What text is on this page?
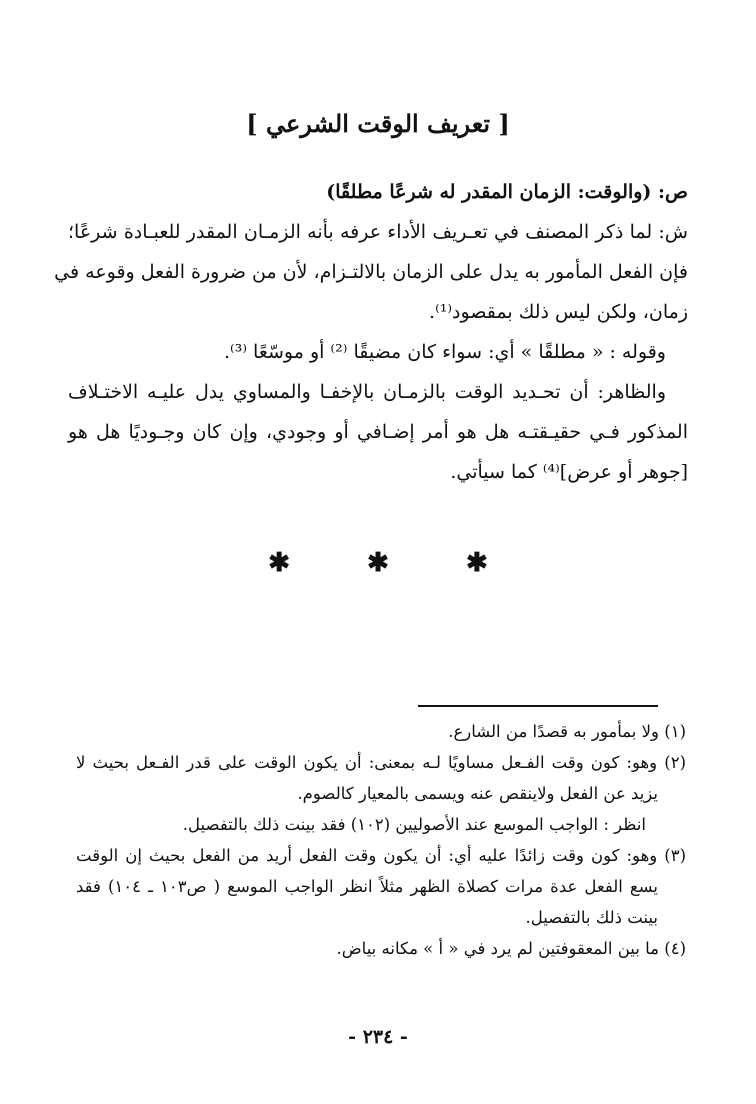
[ تعريف الوقت الشرعي ]
ص: (والوقت: الزمان المقدر له شرعًا مطلقًا)
ش: لما ذكر المصنف في تعـريف الأداء عرفه بأنه الزمـان المقدر للعبـادة شرعًا؛
فإن الفعل المأمور به يدل على الزمان بالالتـزام، لأن من ضرورة الفعل وقوعه في
زمان، ولكن ليس ذلك بمقصود⁽¹⁾.
وقوله : « مطلقًا » أي: سواء كان مضيقًا ⁽²⁾ أو موسّعًا ⁽³⁾.
والظاهر: أن تحـديد الوقت بالزمـان بالإخفـا والمساوي يدل عليـه الاختـلاف
المذكور فـي حقيـقتـه هل هو أمر إضـافي أو وجودي، وإن كان وجـوديًا هل هو
[جوهر أو عرض]⁽⁴⁾ كما سيأتي.
✱ ✱ ✱
(١) ولا بمأمور به قصدًا من الشارع.
(٢) وهو: كون وقت الفـعل مساويًا لـه بمعنى: أن يكون الوقت على قدر الفـعل بحيث لا
يزيد عن الفعل ولاينقص عنه ويسمى بالمعيار كالصوم.
انظر : الواجب الموسع عند الأصوليين (١٠٢) فقد بينت ذلك بالتفصيل.
(٣) وهو: كون وقت زائدًا عليه أي: أن يكون وقت الفعل أريد من الفعل بحيث إن الوقت
يسع الفعل عدة مرات كصلاة الظهر مثلاً انظر الواجب الموسع ( ص١٠٣ ـ ١٠٤) فقد
بينت ذلك بالتفصيل.
(٤) ما بين المعقوفتين لم يرد في « أ » مكانه بياض.
- ٢٣٤ -
